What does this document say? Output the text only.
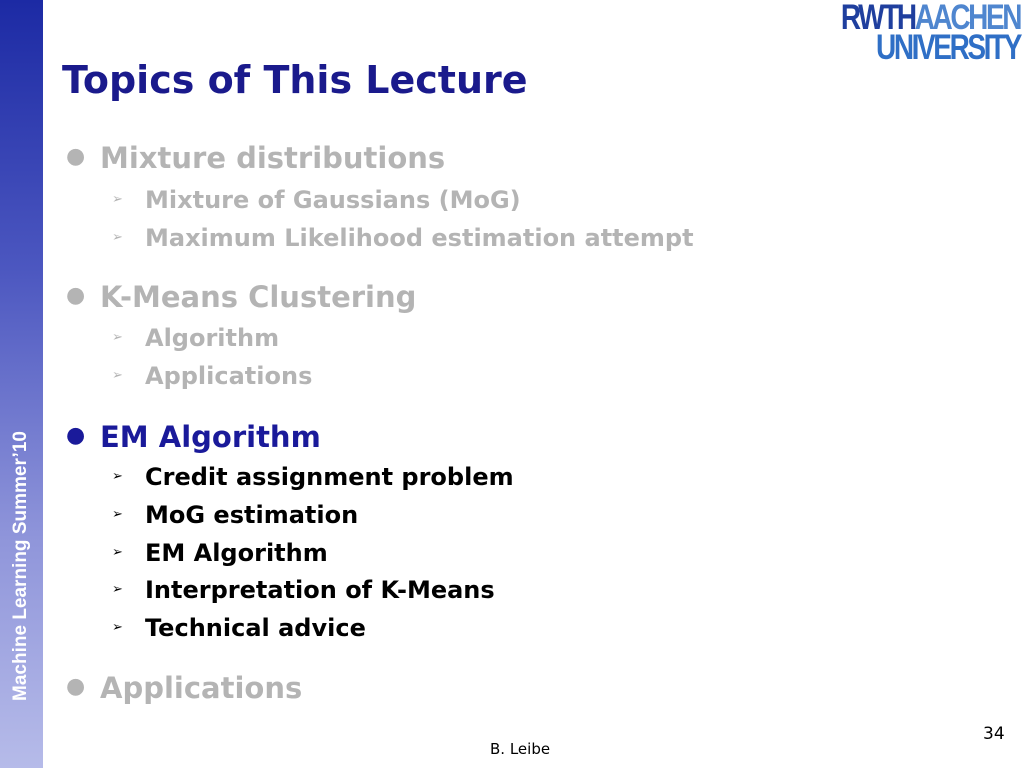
Machine Learning Summer’10
RWTHAACHEN
UNIVERSITY
Topics of This Lecture
● Mixture distributions
➢ Mixture of Gaussians (MoG)
➢ Maximum Likelihood estimation attempt
● K-Means Clustering
➢ Algorithm
➢ Applications
● EM Algorithm
➢ Credit assignment problem
➢ MoG estimation
➢ EM Algorithm
➢ Interpretation of K-Means
➢ Technical advice
● Applications
34
B. Leibe
